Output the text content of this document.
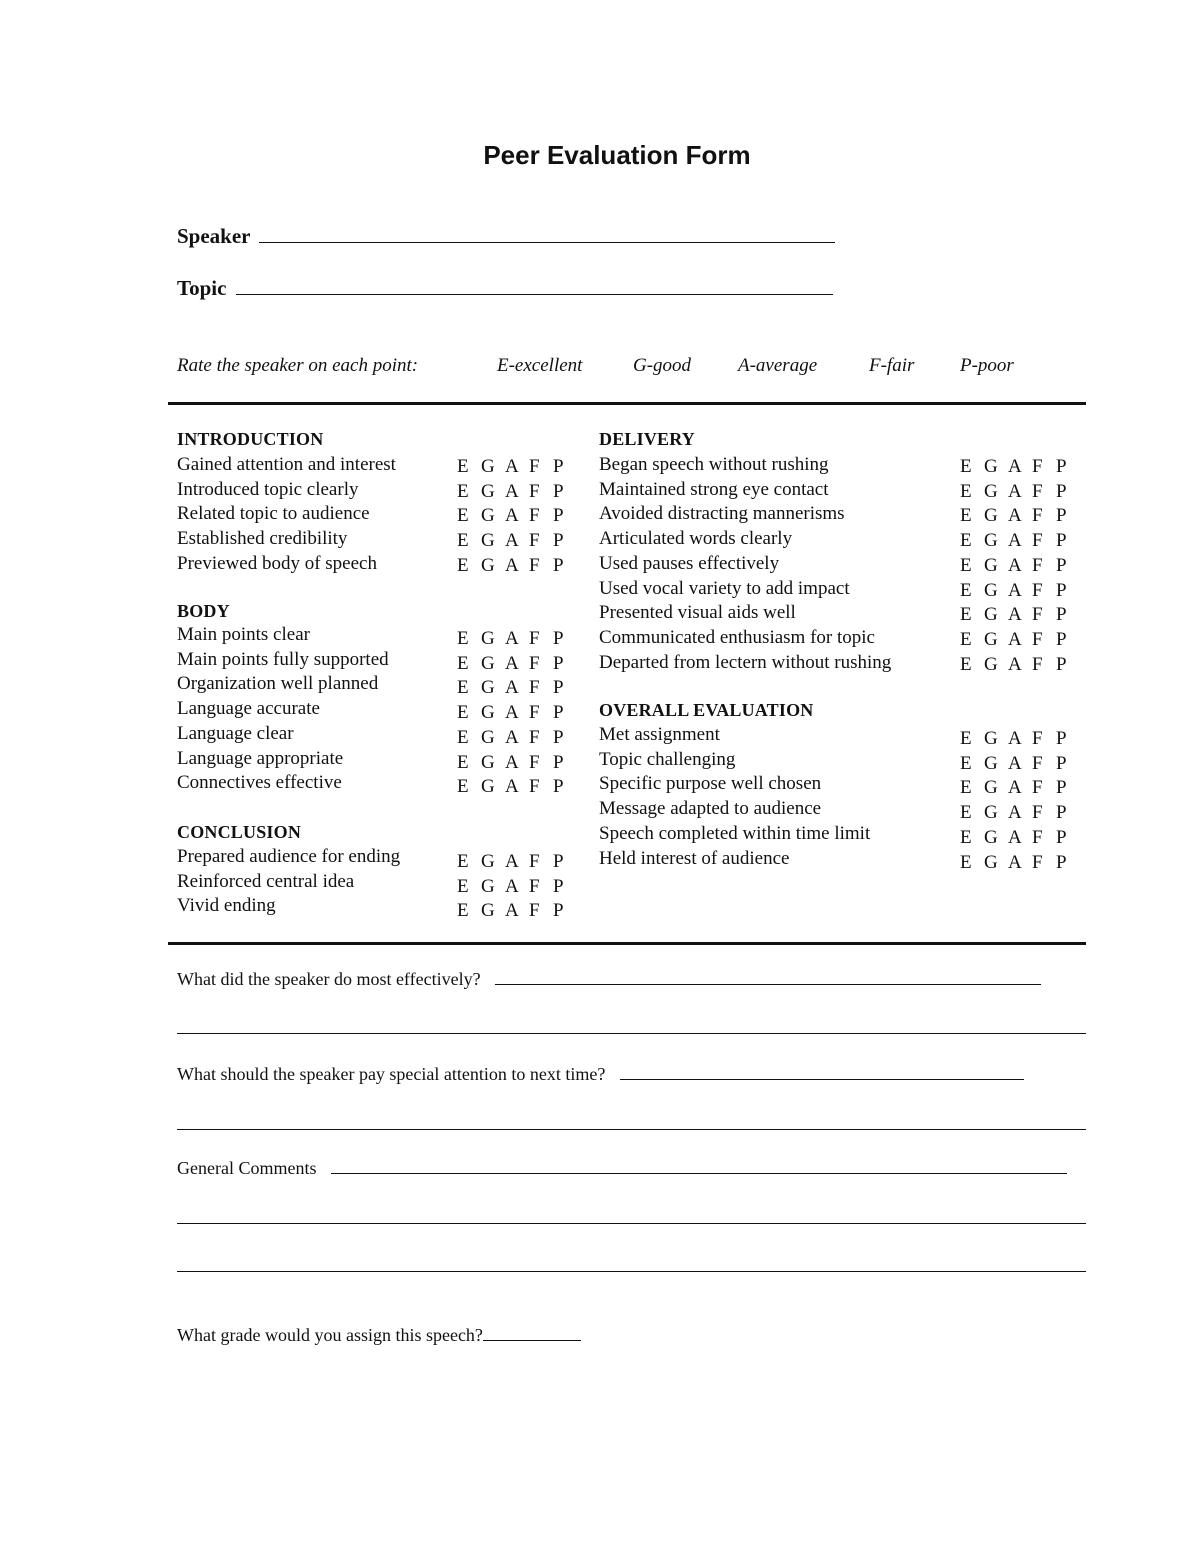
Peer Evaluation Form
Speaker
Topic
Rate the speaker on each point:	E-excellent	G-good A-average	F-fair P-poor
INTRODUCTION
Gained attention and interest	E G A F P
Introduced topic clearly	E G A F P
Related topic to audience	E G A F P
Established credibility	E G A F P
Previewed body of speech	E G A F P
BODY
Main points clear	E G A F P
Main points fully supported	E G A F P
Organization well planned	E G A F P
Language accurate	E G A F P
Language clear	E G A F P
Language appropriate	E G A F P
Connectives effective	E G A F P
CONCLUSION
Prepared audience for ending	E G A F P
Reinforced central idea	E G A F P
Vivid ending	E G A F P
DELIVERY
Began speech without rushing	E G A F P
Maintained strong eye contact	E G A F P
Avoided distracting mannerisms	E G A F P
Articulated words clearly	E G A F P
Used pauses effectively	E G A F P
Used vocal variety to add impact	E G A F P
Presented visual aids well	E G A F P
Communicated enthusiasm for topic	E G A F P
Departed from lectern without rushing	E G A F P
OVERALL EVALUATION
Met assignment	E G A F P
Topic challenging	E G A F P
Specific purpose well chosen	E G A F P
Message adapted to audience	E G A F P
Speech completed within time limit	E G A F P
Held interest of audience	E G A F P
What did the speaker do most effectively?
What should the speaker pay special attention to next time?
General Comments
What grade would you assign this speech?
